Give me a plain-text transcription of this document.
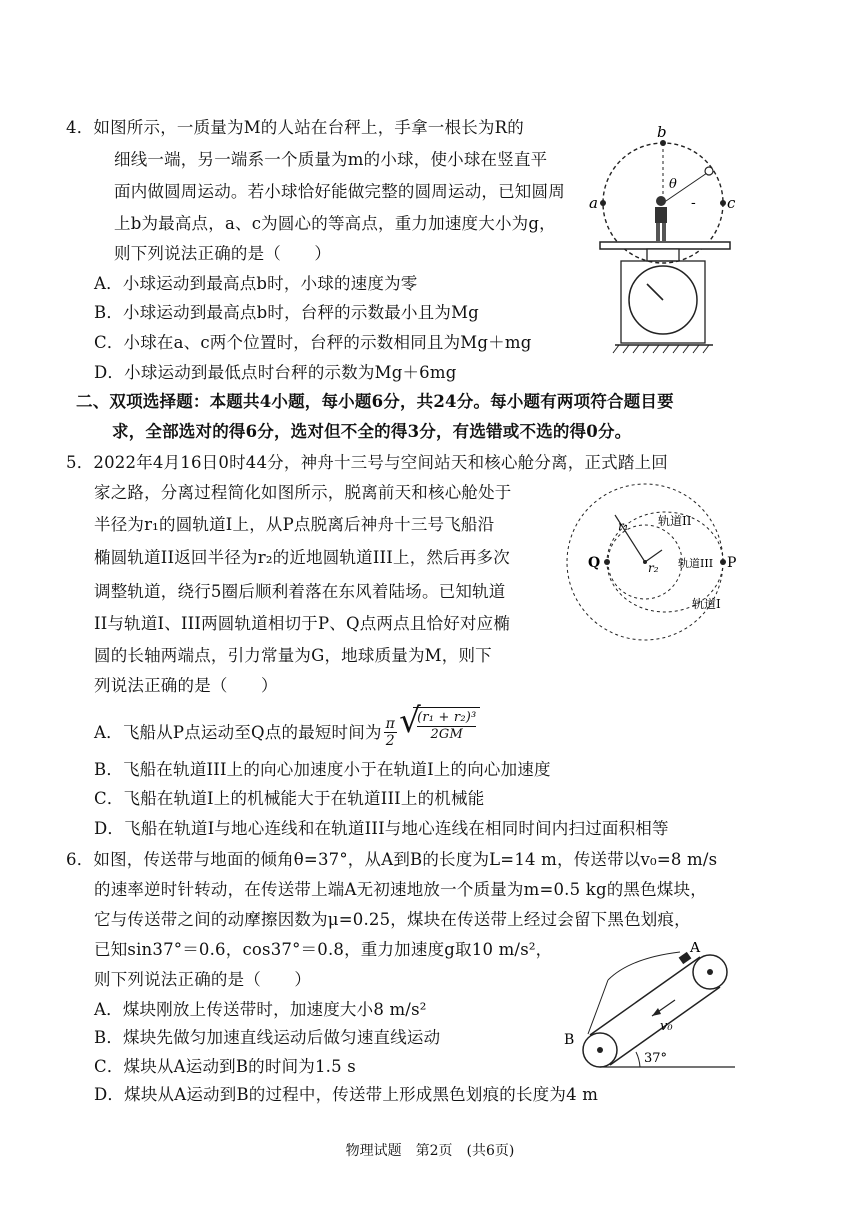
4．如图所示，一质量为M的人站在台秤上，手拿一根长为R的
细线一端，另一端系一个质量为m的小球，使小球在竖直平
面内做圆周运动。若小球恰好能做完整的圆周运动，已知圆周
上b为最高点，a、c为圆心的等高点，重力加速度大小为g，
则下列说法正确的是（　　）
A．小球运动到最高点b时，小球的速度为零
B．小球运动到最高点b时，台秤的示数最小且为Mg
C．小球在a、c两个位置时，台秤的示数相同且为Mg＋mg
D．小球运动到最低点时台秤的示数为Mg＋6mg
b
a	c
θ
-
二、双项选择题：本题共4小题，每小题6分，共24分。每小题有两项符合题目要
求，全部选对的得6分，选对但不全的得3分，有选错或不选的得0分。
5．2022年4月16日0时44分，神舟十三号与空间站天和核心舱分离，正式踏上回
家之路，分离过程简化如图所示，脱离前天和核心舱处于
半径为r₁的圆轨道I上，从P点脱离后神舟十三号飞船沿
椭圆轨道II返回半径为r₂的近地圆轨道III上，然后再多次
调整轨道，绕行5圈后顺利着落在东风着陆场。已知轨道
II与轨道I、III两圆轨道相切于P、Q点两点且恰好对应椭
圆的长轴两端点，引力常量为G，地球质量为M，则下
列说法正确的是（　　）
A．飞船从P点运动至Q点的最短时间为 $\frac{\pi}{2}$ √
$\frac{\text{(r₁ + r₂)³}}{2GM}$
B．飞船在轨道III上的向心加速度小于在轨道I上的向心加速度
C．飞船在轨道I上的机械能大于在轨道III上的机械能
D．飞船在轨道I与地心连线和在轨道III与地心连线在相同时间内扫过面积相等
r₁
r₂
Q	P
轨道II
轨道III
轨道I
6．如图，传送带与地面的倾角θ=37°，从A到B的长度为L=14 m，传送带以v₀=8 m/s
的速率逆时针转动，在传送带上端A无初速地放一个质量为m=0.5 kg的黑色煤块，
它与传送带之间的动摩擦因数为μ=0.25，煤块在传送带上经过会留下黑色划痕，
已知sin37°＝0.6，cos37°＝0.8，重力加速度g取10 m/s²，
则下列说法正确的是（　　）
A．煤块刚放上传送带时，加速度大小8 m/s²
B．煤块先做匀加速直线运动后做匀速直线运动
C．煤块从A运动到B的时间为1.5 s
D．煤块从A运动到B的过程中，传送带上形成黑色划痕的长度为4 m
A
B
v₀
37°
物理试题　第2页　(共6页)
